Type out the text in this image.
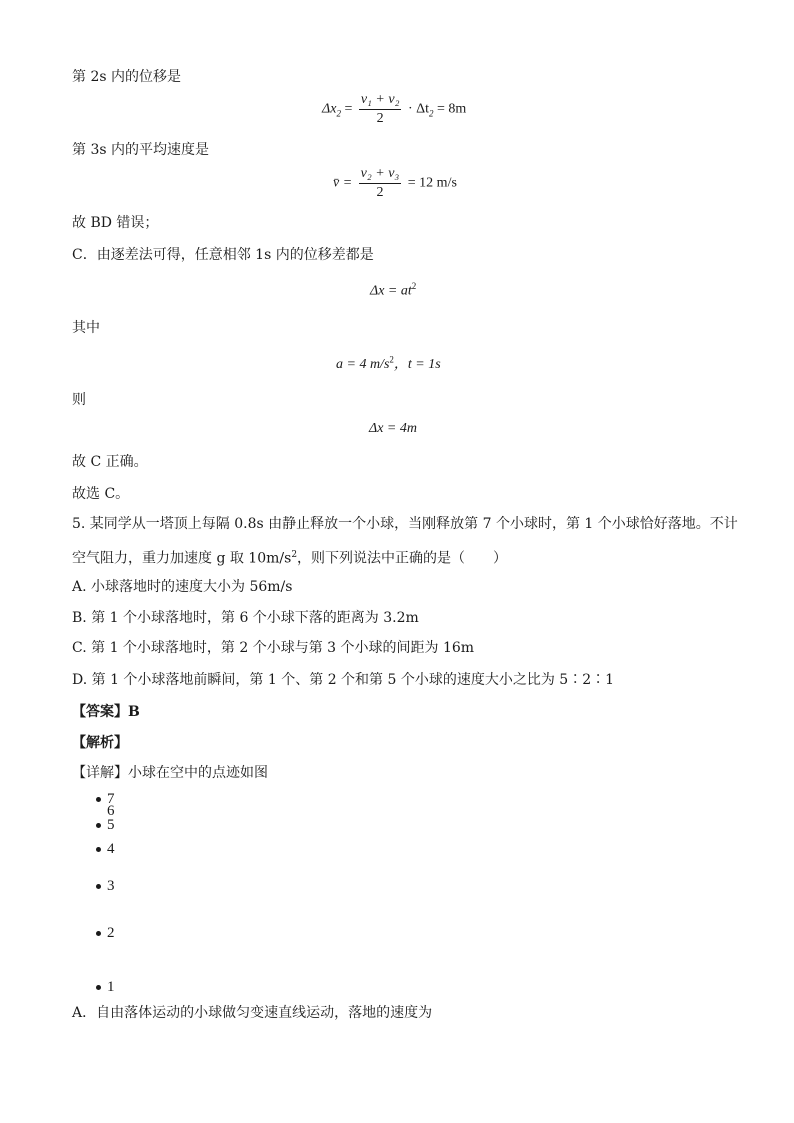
第 2s 内的位移是
$\Delta x_2 = \frac{\text{v₁ + v₂}}{2} \cdot \Delta t_2 = 8m$
第 3s 内的平均速度是
v̄ = $\frac{\text{v₂ + v₃}}{2} = 12$ m/s
故 BD 错误；
C．由逐差法可得，任意相邻 1s 内的位移差都是
$\Delta x = at^2$
其中
a = 4 $m/s^2$，t = 1s
则
Δx = 4m
故 C 正确。
故选 C。
5. 某同学从一塔顶上每隔 0.8s 由静止释放一个小球，当刚释放第 7 个小球时，第 1 个小球恰好落地。不计
空气阻力，重力加速度 g 取 $10m/s^2$，则下列说法中正确的是（　　）
A. 小球落地时的速度大小为 56m/s
B. 第 1 个小球落地时，第 6 个小球下落的距离为 3.2m
C. 第 1 个小球落地时，第 2 个小球与第 3 个小球的间距为 16m
D. 第 1 个小球落地前瞬间，第 1 个、第 2 个和第 5 个小球的速度大小之比为 5∶2∶1
【答案】B
【解析】
【详解】小球在空中的点迹如图
7
6
5
4
3
2
1
A．自由落体运动的小球做匀变速直线运动，落地的速度为
